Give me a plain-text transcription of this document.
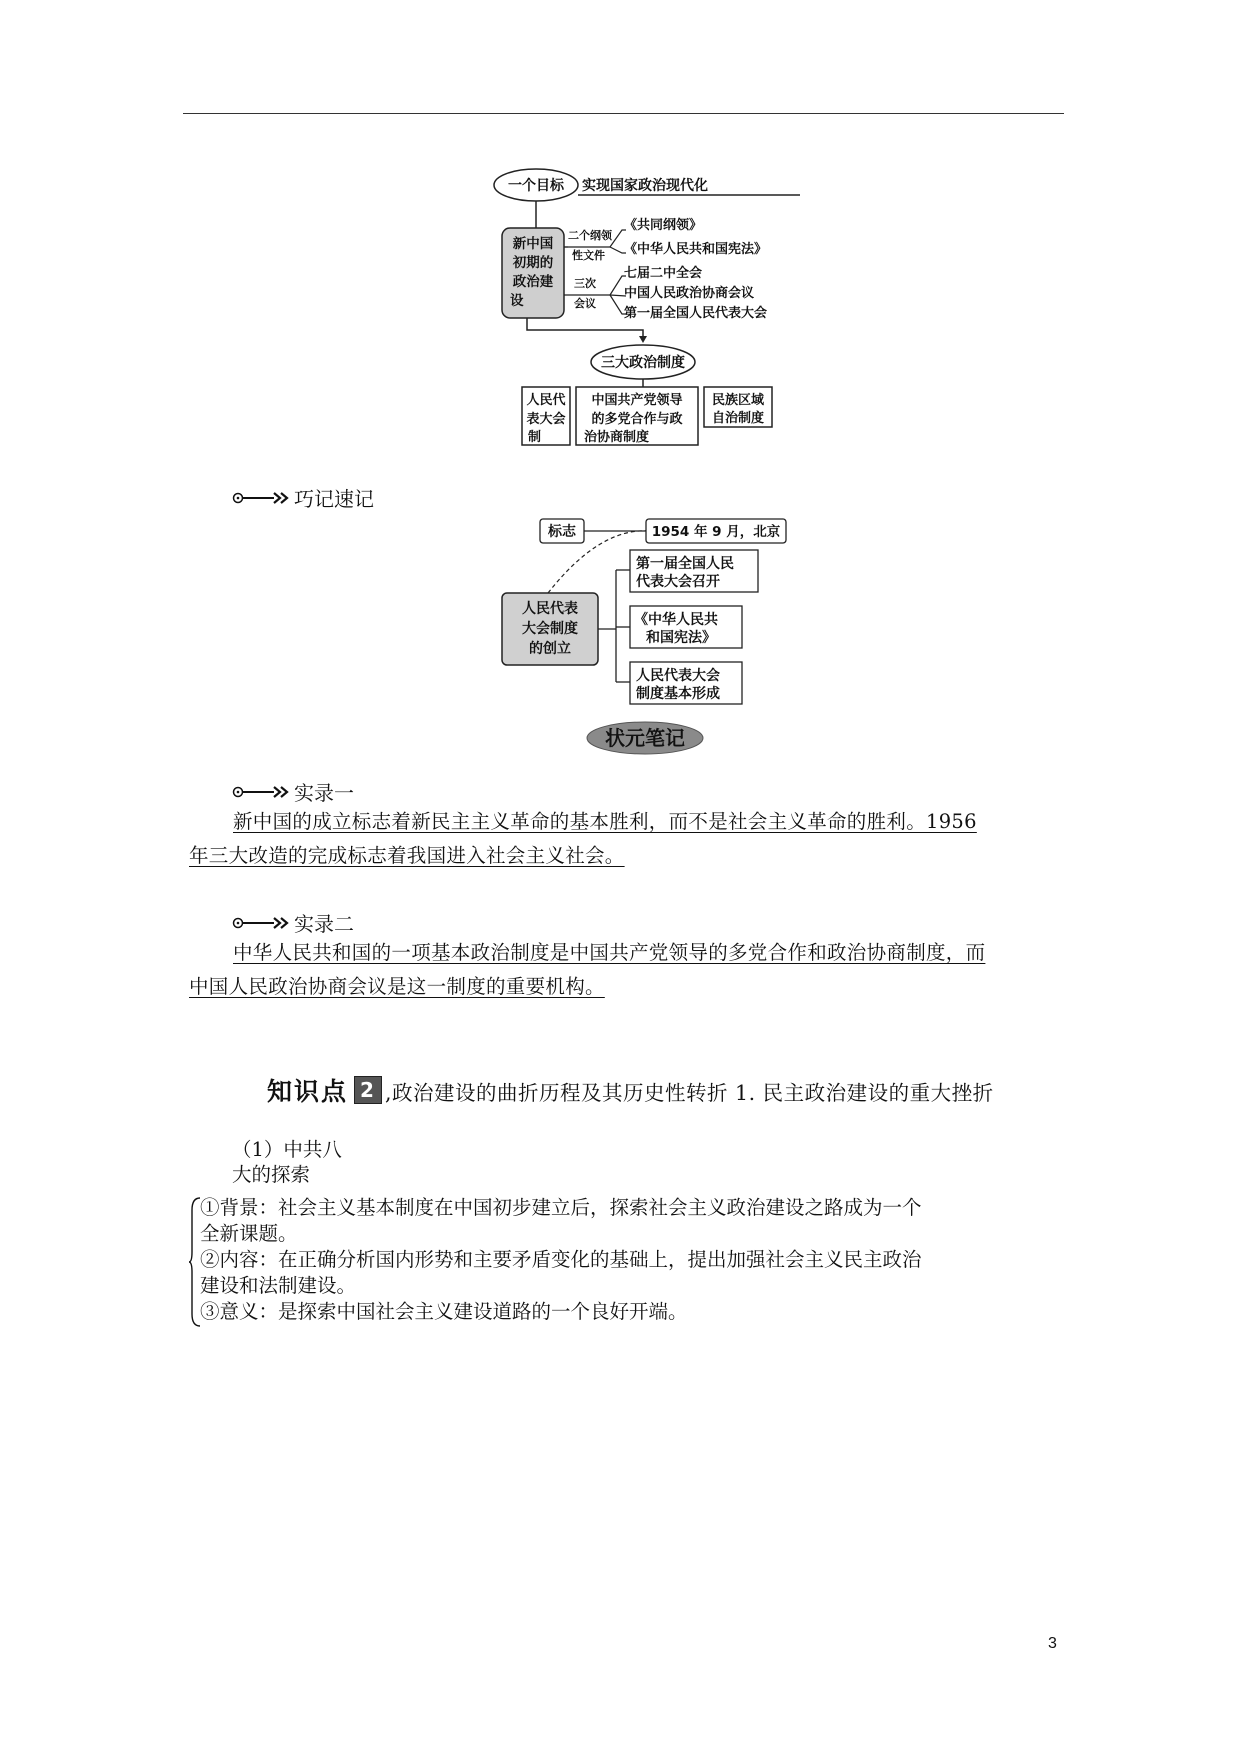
一个目标 实现国家政治现代化
新中国
初期的
政治建
设
二个纲领
性文件
《共同纲领》
《中华人民共和国宪法》
三次
会议
七届二中全会
中国人民政治协商会议
第一届全国人民代表大会
三大政治制度
人民代
表大会
制
中国共产党领导
的多党合作与政
治协商制度
民族区域
自治制度
巧记速记
标志	1954 年 9 月，北京
人民代表
大会制度
的创立
第一届全国人民
代表大会召开
《中华人民共
和国宪法》
人民代表大会
制度基本形成
状元笔记
实录一
新中国的成立标志着新民主主义革命的基本胜利，而不是社会主义革命的胜利。1956
年三大改造的完成标志着我国进入社会主义社会。
实录二
中华人民共和国的一项基本政治制度是中国共产党领导的多党合作和政治协商制度，而
中国人民政治协商会议是这一制度的重要机构。
知识点 2 ,政治建设的曲折历程及其历史性转折 1. 民主政治建设的重大挫折
（1）中共八
大的探索
①背景：社会主义基本制度在中国初步建立后，探索社会主义政治建设之路成为一个
全新课题。
②内容：在正确分析国内形势和主要矛盾变化的基础上，提出加强社会主义民主政治
建设和法制建设。
③意义：是探索中国社会主义建设道路的一个良好开端。
3
